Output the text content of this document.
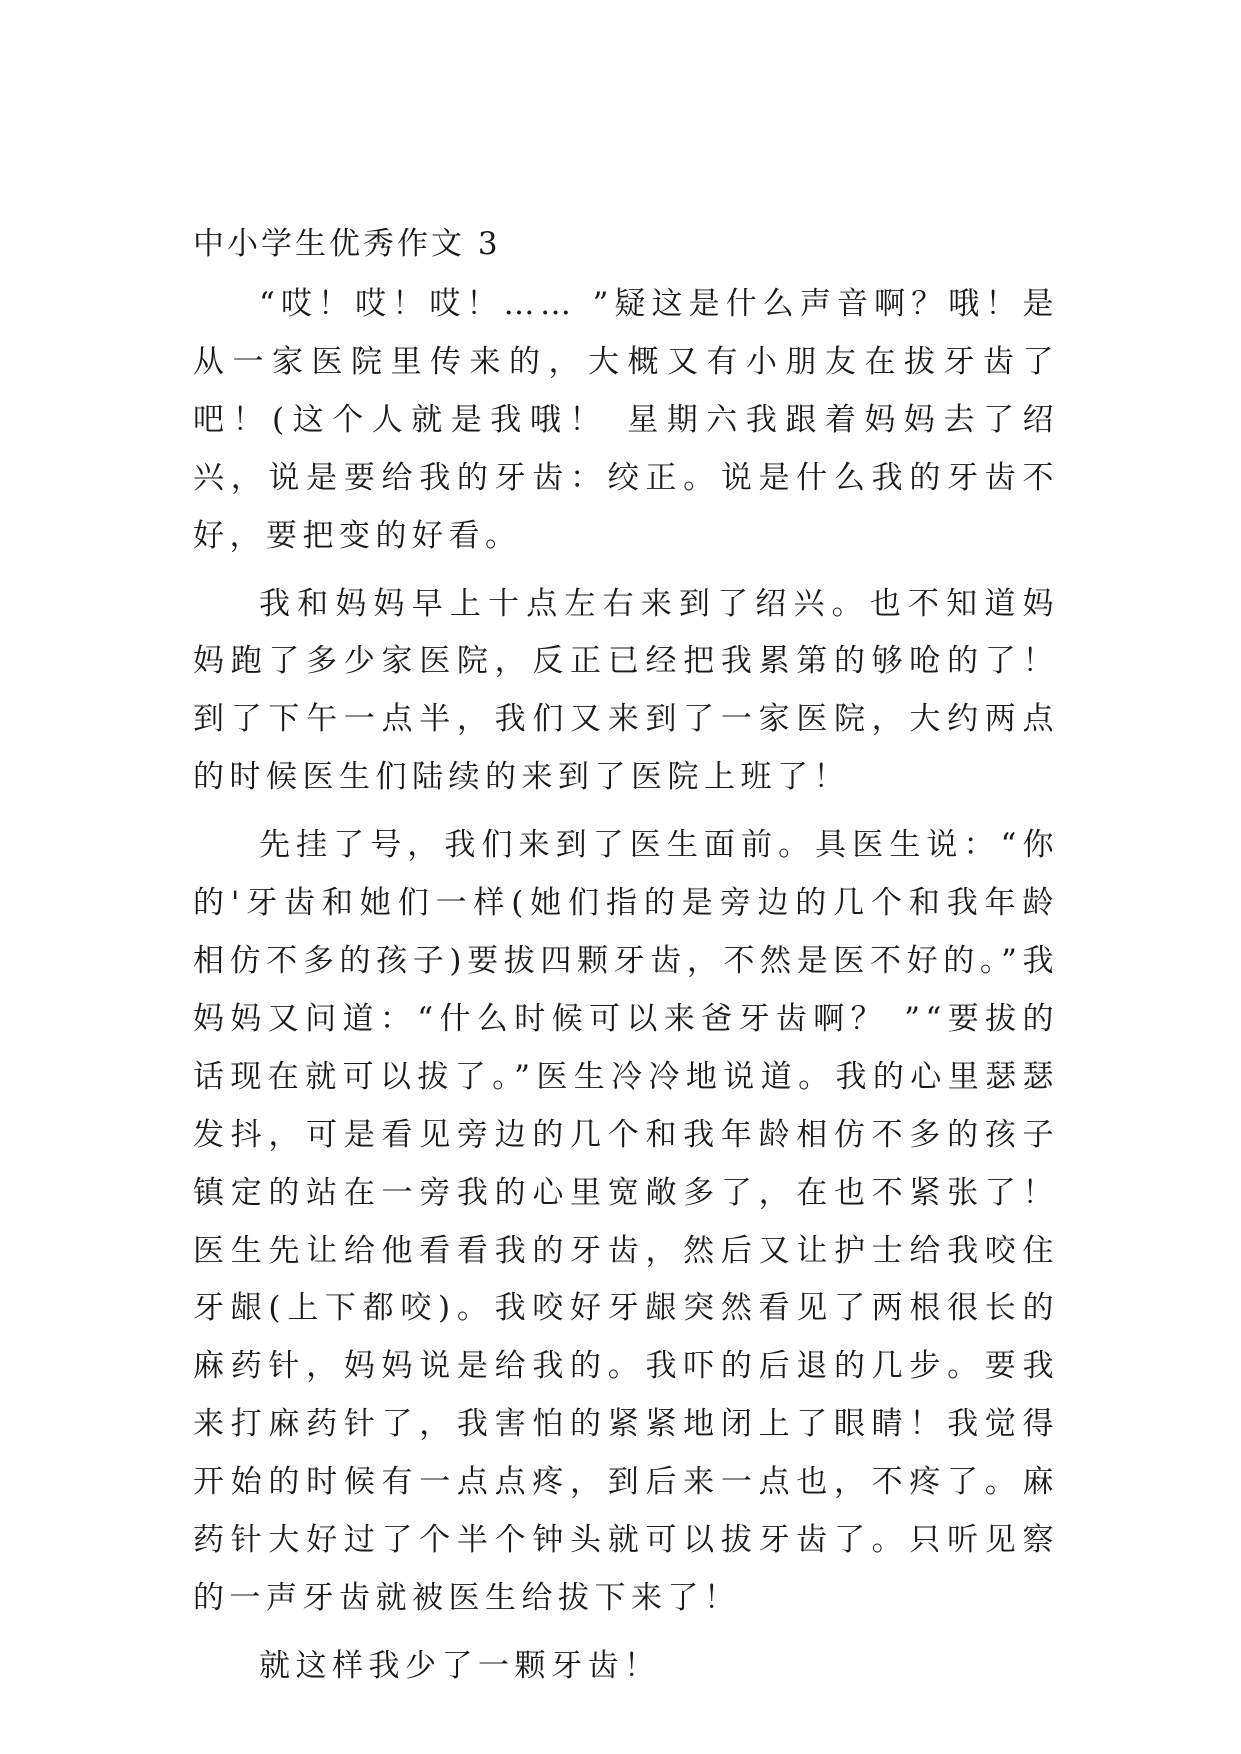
中小学生优秀作文 3

“哎！哎！哎！…… ”疑这是什么声音啊？哦！是从一家医院里传来的，大概又有小朋友在拔牙齿了吧！(这个人就是我哦！ 星期六我跟着妈妈去了绍兴，说是要给我的牙齿：绞正。说是什么我的牙齿不好，要把变的好看。

我和妈妈早上十点左右来到了绍兴。也不知道妈妈跑了多少家医院，反正已经把我累第的够呛的了！到了下午一点半，我们又来到了一家医院，大约两点的时候医生们陆续的来到了医院上班了！

先挂了号，我们来到了医生面前。具医生说：“你的'牙齿和她们一样(她们指的是旁边的几个和我年龄相仿不多的孩子)要拔四颗牙齿，不然是医不好的。”我妈妈又问道：“什么时候可以来爸牙齿啊？ ”“要拔的话现在就可以拔了。”医生冷冷地说道。我的心里瑟瑟发抖，可是看见旁边的几个和我年龄相仿不多的孩子镇定的站在一旁我的心里宽敞多了，在也不紧张了！医生先让给他看看我的牙齿，然后又让护士给我咬住牙龈(上下都咬)。我咬好牙龈突然看见了两根很长的麻药针，妈妈说是给我的。我吓的后退的几步。要我来打麻药针了，我害怕的紧紧地闭上了眼睛！我觉得开始的时候有一点点疼，到后来一点也，不疼了。麻药针大好过了个半个钟头就可以拔牙齿了。只听见察的一声牙齿就被医生给拔下来了！

就这样我少了一颗牙齿！
